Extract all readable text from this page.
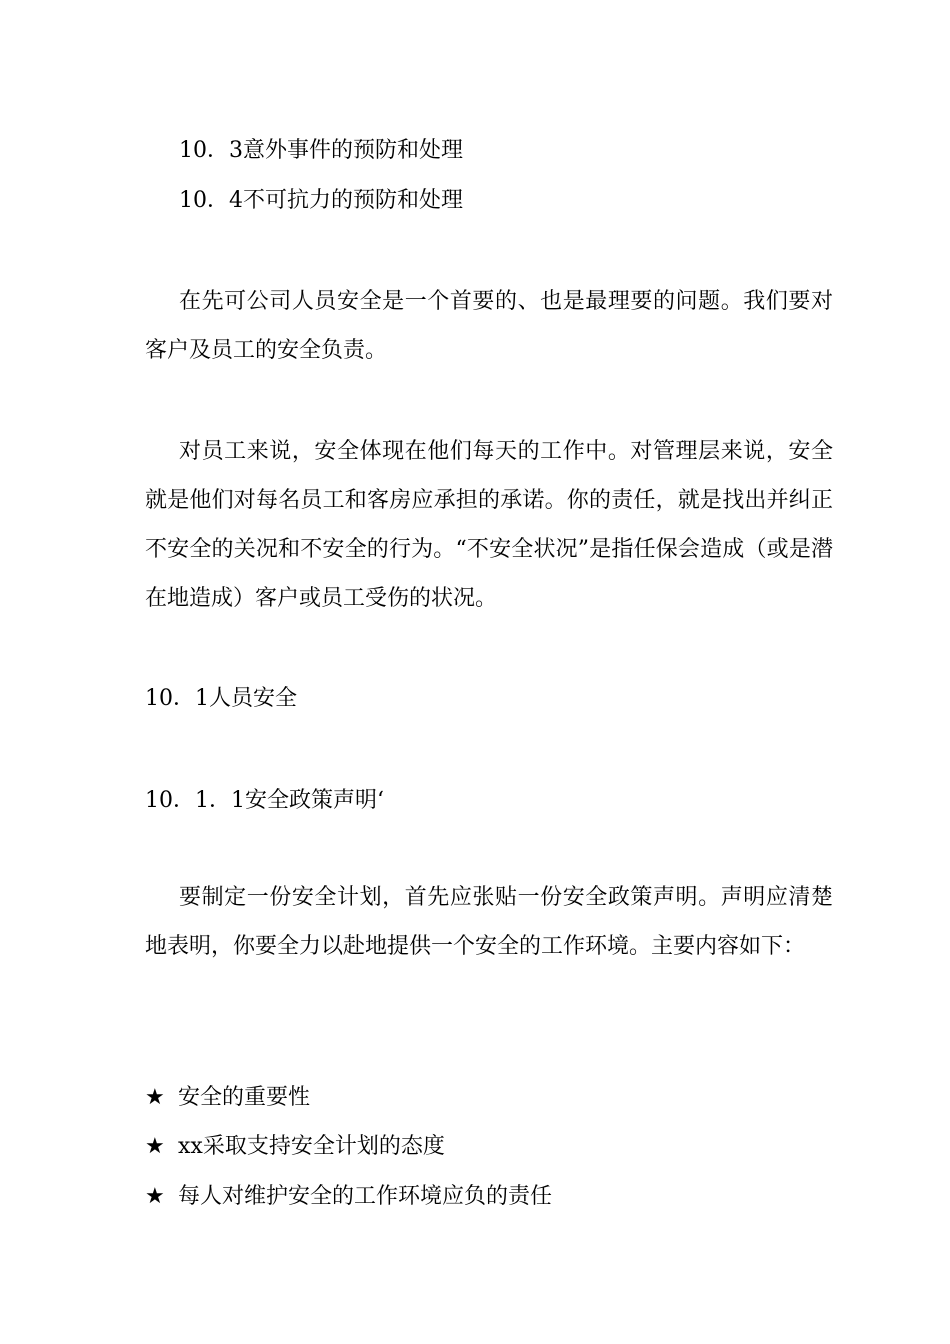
10．3意外事件的预防和处理
10．4不可抗力的预防和处理
在先可公司人员安全是一个首要的、也是最理要的问题。我们要对客户及员工的安全负责。
对员工来说，安全体现在他们每天的工作中。对管理层来说，安全就是他们对每名员工和客房应承担的承诺。你的责任，就是找出并纠正不安全的关况和不安全的行为。“不安全状况”是指任保会造成（或是潜在地造成）客户或员工受伤的状况。
10．1人员安全
10．1．1安全政策声明‘
要制定一份安全计划，首先应张贴一份安全政策声明。声明应清楚地表明，你要全力以赴地提供一个安全的工作环境。主要内容如下：
★ 安全的重要性
★ xx采取支持安全计划的态度
★ 每人对维护安全的工作环境应负的责任
